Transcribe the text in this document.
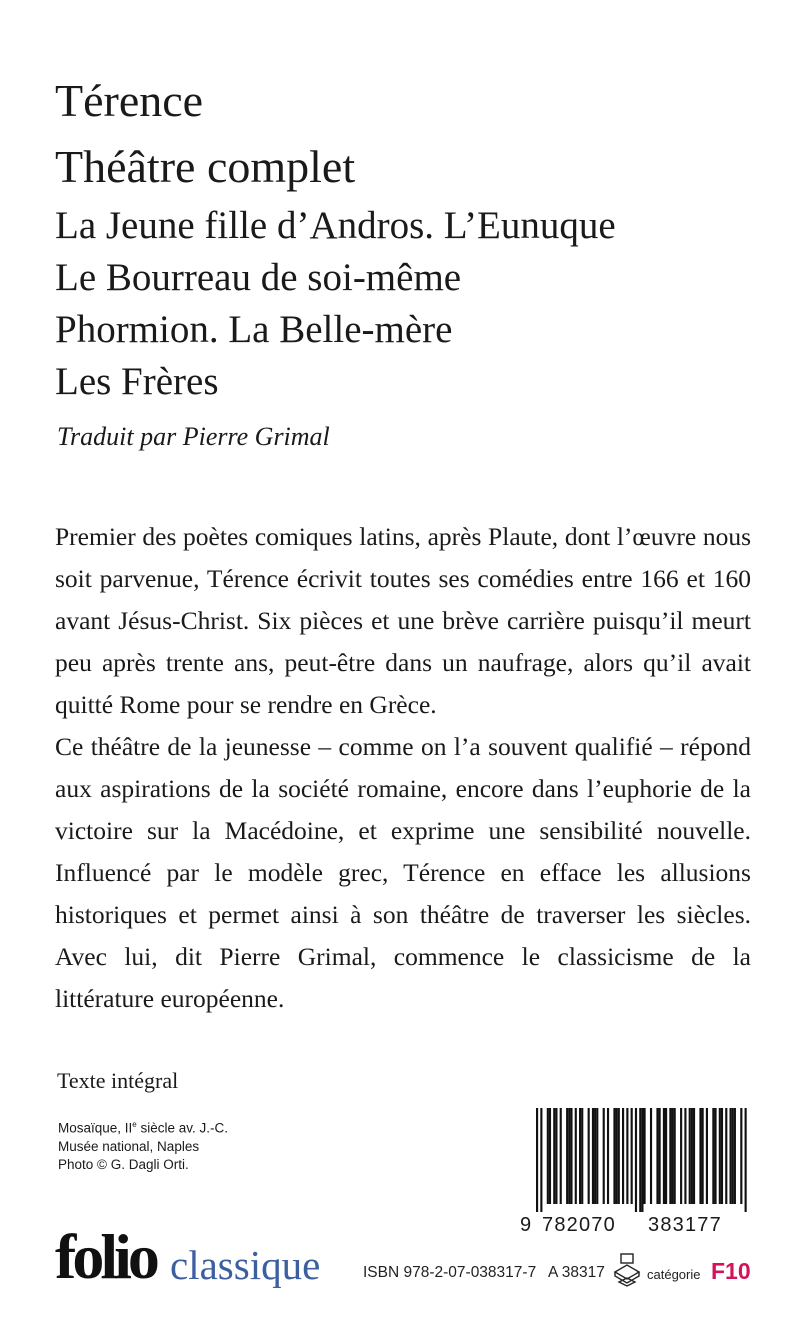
Térence
Théâtre complet
La Jeune fille d’Andros. L’Eunuque
Le Bourreau de soi-même
Phormion. La Belle-mère
Les Frères
Traduit par Pierre Grimal

Premier des poètes comiques latins, après Plaute, dont l’œuvre nous soit parvenue, Térence écrivit toutes ses comédies entre 166 et 160 avant Jésus-Christ. Six pièces et une brève carrière puisqu’il meurt peu après trente ans, peut-être dans un naufrage, alors qu’il avait quitté Rome pour se rendre en Grèce.

Ce théâtre de la jeunesse – comme on l’a souvent qualifié – répond aux aspirations de la société romaine, encore dans l’euphorie de la victoire sur la Macédoine, et exprime une sensibilité nouvelle. Influencé par le modèle grec, Térence en efface les allusions historiques et permet ainsi à son théâtre de traverser les siècles. Avec lui, dit Pierre Grimal, commence le classicisme de la littérature européenne.

Texte intégral
Mosaïque, IIe siècle av. J.-C.
Musée national, Naples
Photo © G. Dagli Orti.
9 782070 383177
folio classique	ISBN 978-2-07-038317-7 A 38317	catégorie F10
